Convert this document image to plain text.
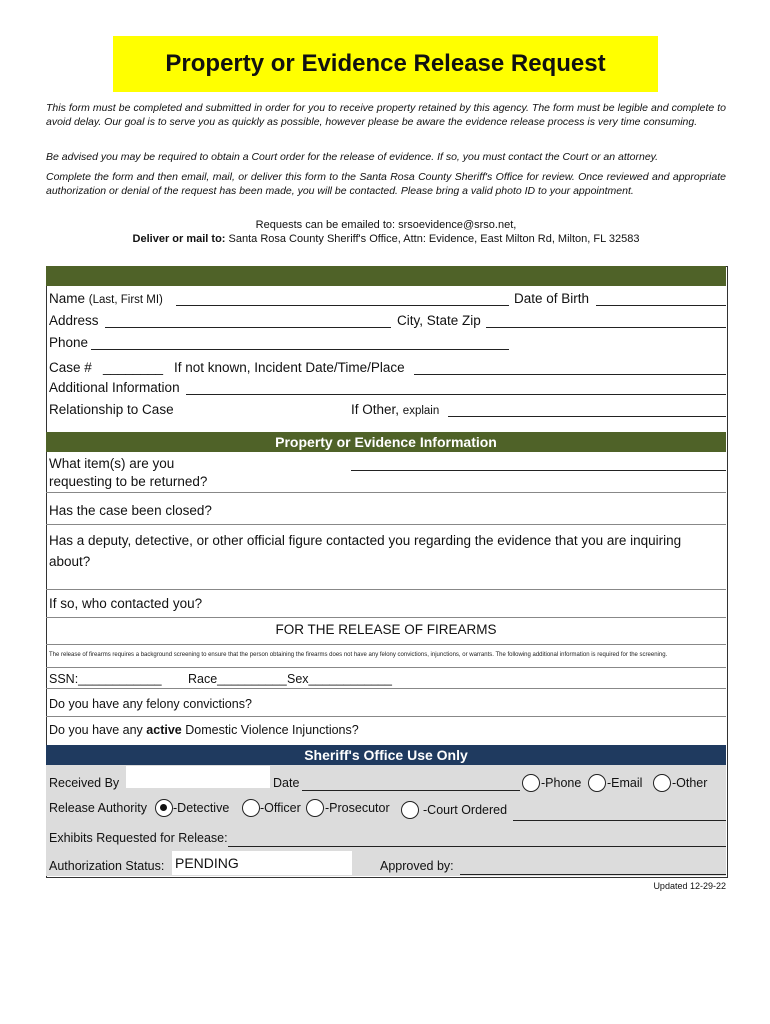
Property or Evidence Release Request
This form must be completed and submitted in order for you to receive property retained by this agency. The form must be legible and complete to avoid delay. Our goal is to serve you as quickly as possible, however please be aware the evidence release process is very time consuming.
Be advised you may be required to obtain a Court order for the release of evidence. If so, you must contact the Court or an attorney.
Complete the form and then email, mail, or deliver this form to the Santa Rosa County Sheriff's Office for review. Once reviewed and appropriate authorization or denial of the request has been made, you will be contacted. Please bring a valid photo ID to your appointment.
Requests can be emailed to: srsoevidence@srso.net,
Deliver or mail to: Santa Rosa County Sheriff's Office, Attn: Evidence, East Milton Rd, Milton, FL 32583
Name (Last, First MI)	Date of Birth
Address	City, State Zip
Phone
Case # ________ If not known, Incident Date/Time/Place
Additional Information
Relationship to Case	If Other, explain
Property or Evidence Information
What item(s) are you
requesting to be returned?
Has the case been closed?
Has a deputy, detective, or other official figure contacted you regarding the evidence that you are inquiring about?
If so, who contacted you?
FOR THE RELEASE OF FIREARMS
The release of firearms requires a background screening to ensure that the person obtaining the firearms does not have any felony convictions, injunctions, or warrants. The following additional information is required for the screening.
SSN:____________ Race__________ Sex____________
Do you have any felony convictions?
Do you have any active Domestic Violence Injunctions?
Sheriff's Office Use Only
Received By	Date	-Phone -Email -Other
Release Authority -Detective -Officer -Prosecutor	-Court Ordered
Exhibits Requested for Release:
Authorization Status: PENDING	Approved by:
Updated 12-29-22
